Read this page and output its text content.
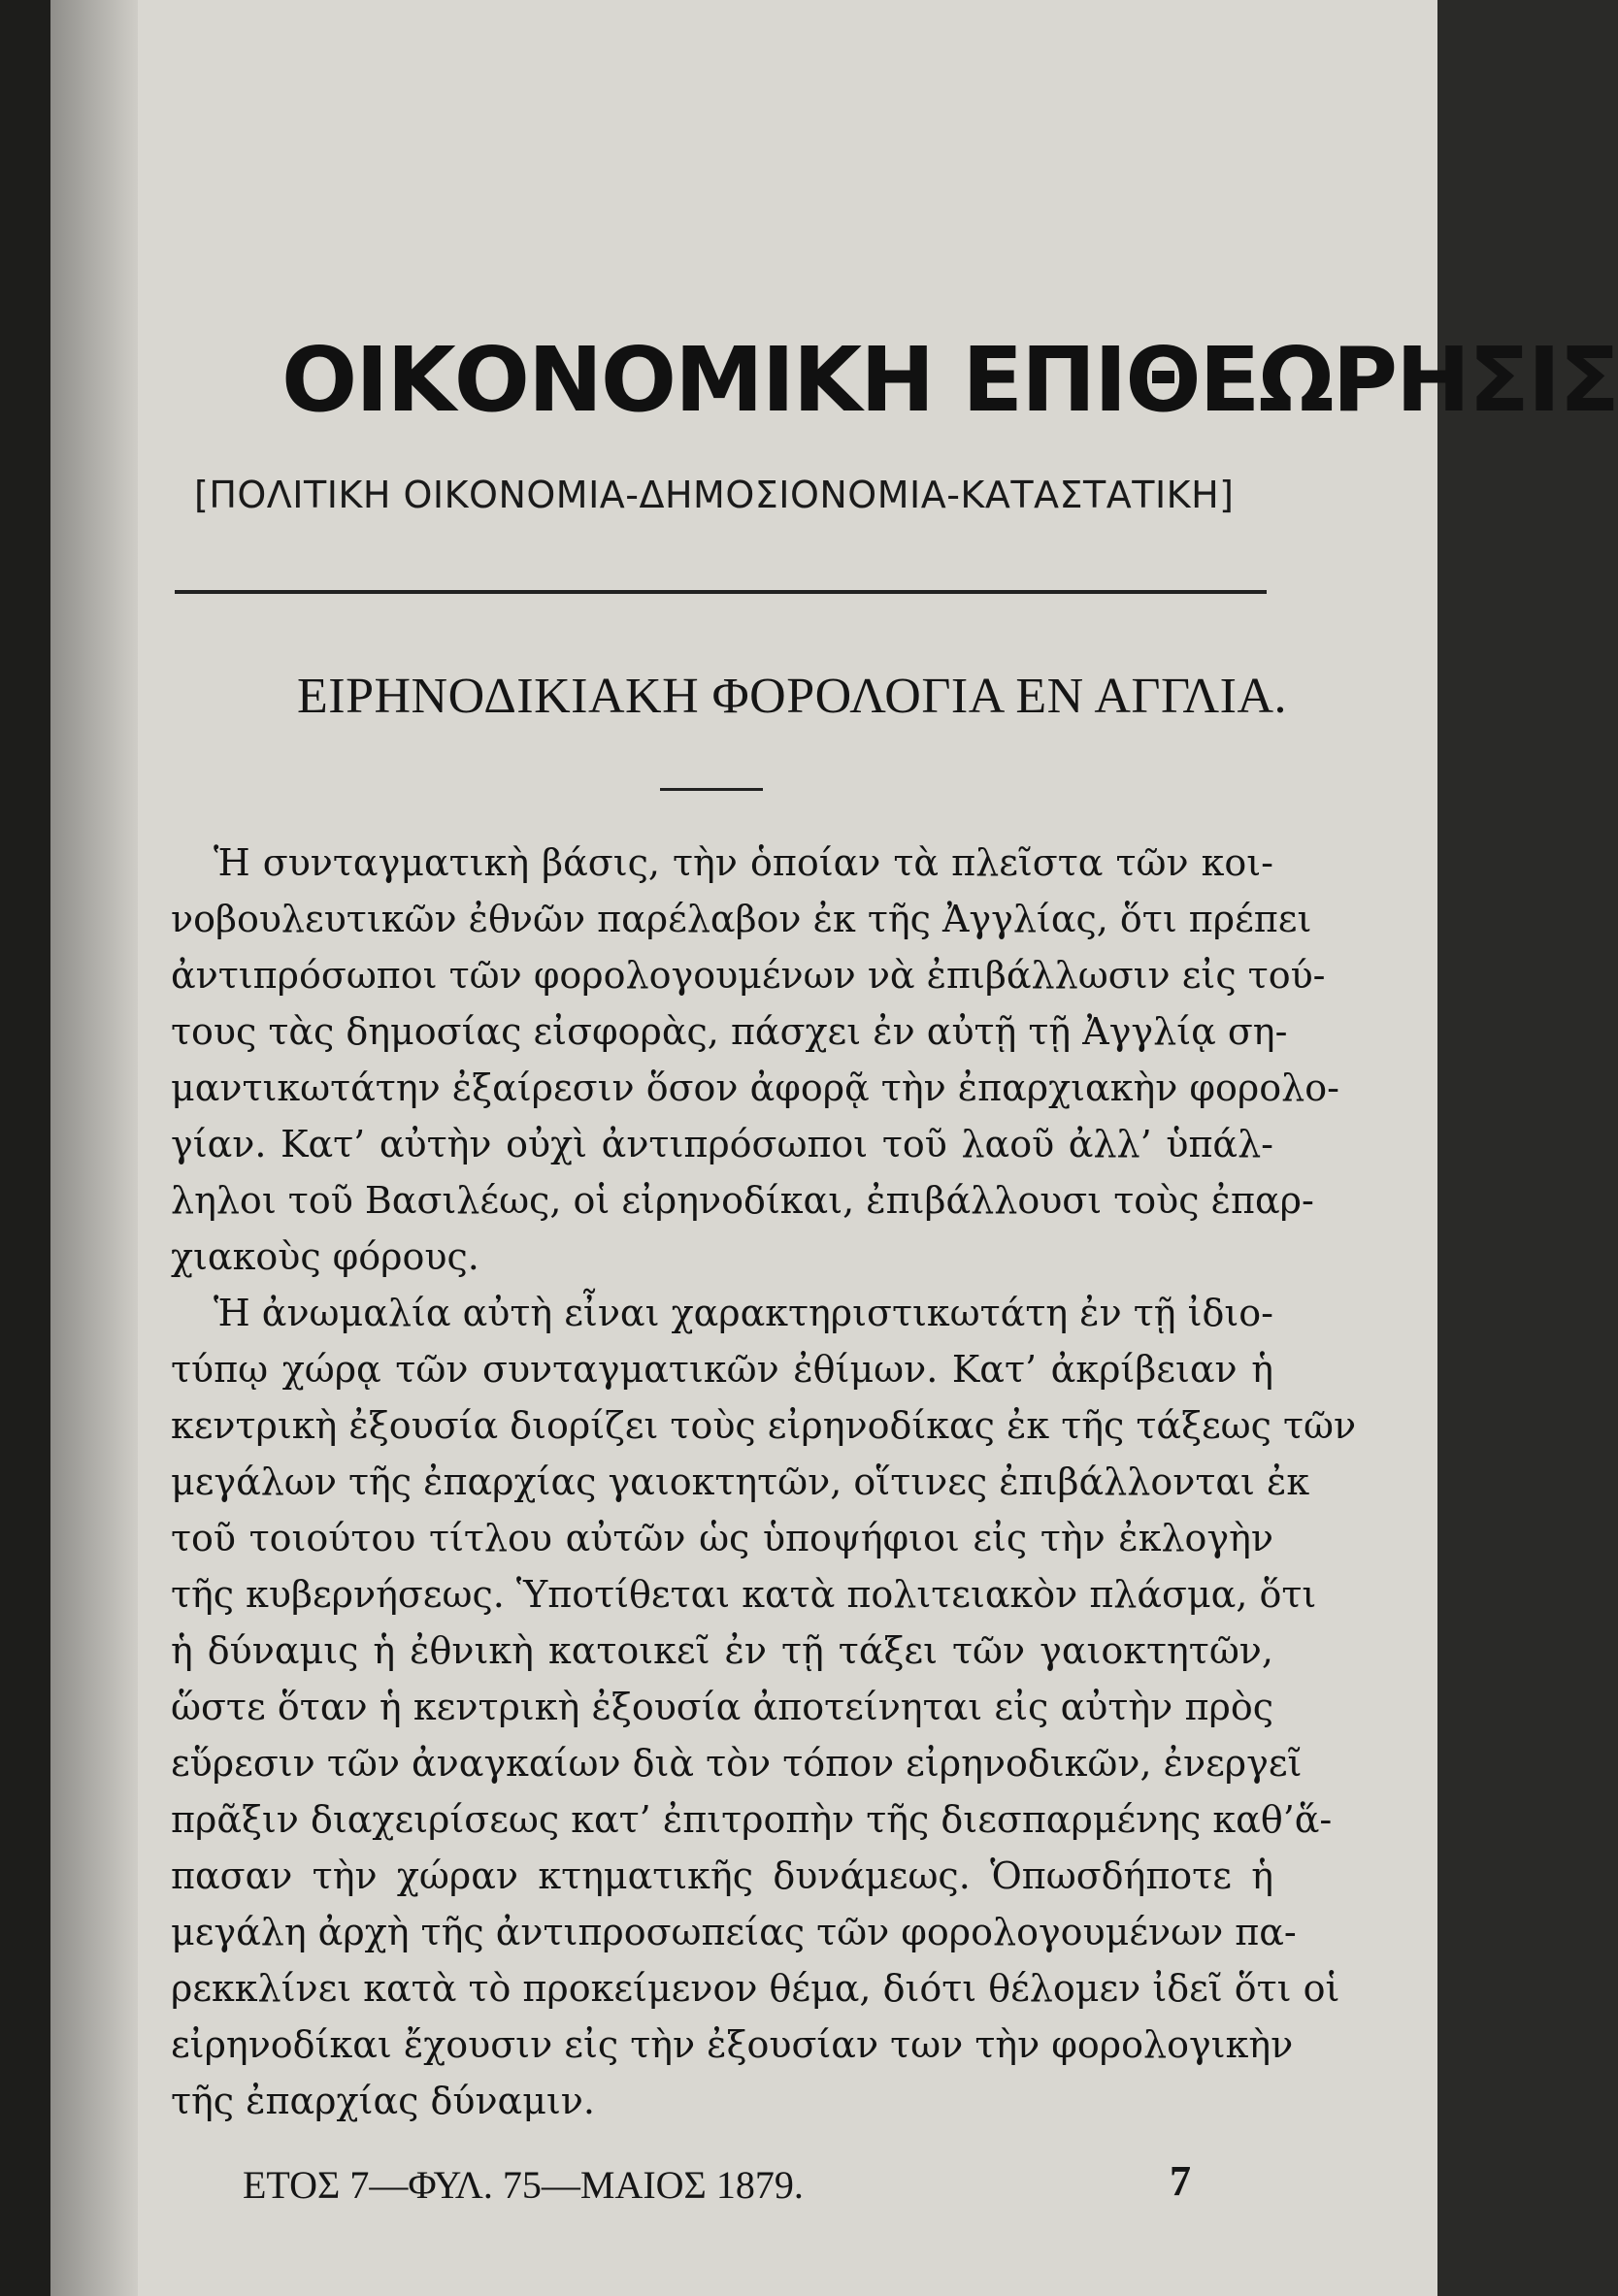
ΟΙΚΟΝΟΜΙΚΗ ΕΠΙΘΕΩΡΗΣΙΣ
[ΠΟΛΙΤΙΚΗ ΟΙΚΟΝΟΜΙΑ-ΔΗΜΟΣΙΟΝΟΜΙΑ-ΚΑΤΑΣΤΑΤΙΚΗ]
ΕΙΡΗΝΟΔΙΚΙΑΚΗ ΦΟΡΟΛΟΓΙΑ ΕΝ ΑΓΓΛΙΑ.
Ἡ συνταγματικὴ βάσις, τὴν ὁποίαν τὰ πλεῖστα τῶν κοι-
νοβουλευτικῶν ἐθνῶν παρέλαβον ἐκ τῆς Ἀγγλίας, ὅτι πρέπει
ἀντιπρόσωποι τῶν φορολογουμένων νὰ ἐπιβάλλωσιν εἰς τού-
τους τὰς δημοσίας εἰσφορὰς, πάσχει ἐν αὐτῇ τῇ Ἀγγλίᾳ ση-
μαντικωτάτην ἐξαίρεσιν ὅσον ἀφορᾷ τὴν ἐπαρχιακὴν φορολο-
γίαν. Κατ’ αὐτὴν οὐχὶ ἀντιπρόσωποι τοῦ λαοῦ ἀλλ’ ὑπάλ-
ληλοι τοῦ Βασιλέως, οἱ εἰρηνοδίκαι, ἐπιβάλλουσι τοὺς ἐπαρ-
χιακοὺς φόρους.
Ἡ ἀνωμαλία αὐτὴ εἶναι χαρακτηριστικωτάτη ἐν τῇ ἰδιο-
τύπῳ χώρᾳ τῶν συνταγματικῶν ἐθίμων. Κατ’ ἀκρίβειαν ἡ
κεντρικὴ ἐξουσία διορίζει τοὺς εἰρηνοδίκας ἐκ τῆς τάξεως τῶν
μεγάλων τῆς ἐπαρχίας γαιοκτητῶν, οἵτινες ἐπιβάλλονται ἐκ
τοῦ τοιούτου τίτλου αὐτῶν ὡς ὑποψήφιοι εἰς τὴν ἐκλογὴν
τῆς κυβερνήσεως. Ὑποτίθεται κατὰ πολιτειακὸν πλάσμα, ὅτι
ἡ δύναμις ἡ ἐθνικὴ κατοικεῖ ἐν τῇ τάξει τῶν γαιοκτητῶν,
ὥστε ὅταν ἡ κεντρικὴ ἐξουσία ἀποτείνηται εἰς αὐτὴν πρὸς
εὕρεσιν τῶν ἀναγκαίων διὰ τὸν τόπον εἰρηνοδικῶν, ἐνεργεῖ
πρᾶξιν διαχειρίσεως κατ’ ἐπιτροπὴν τῆς διεσπαρμένης καθ’ἅ-
πασαν τὴν χώραν κτηματικῆς δυνάμεως. Ὁπωσδήποτε ἡ
μεγάλη ἀρχὴ τῆς ἀντιπροσωπείας τῶν φορολογουμένων πα-
ρεκκλίνει κατὰ τὸ προκείμενον θέμα, διότι θέλομεν ἰδεῖ ὅτι οἱ
εἰρηνοδίκαι ἔχουσιν εἰς τὴν ἐξουσίαν των τὴν φορολογικὴν
τῆς ἐπαρχίας δύναμιν.
ΕΤΟΣ 7—ΦΥΛ. 75—ΜΑΙΟΣ 1879.	7
